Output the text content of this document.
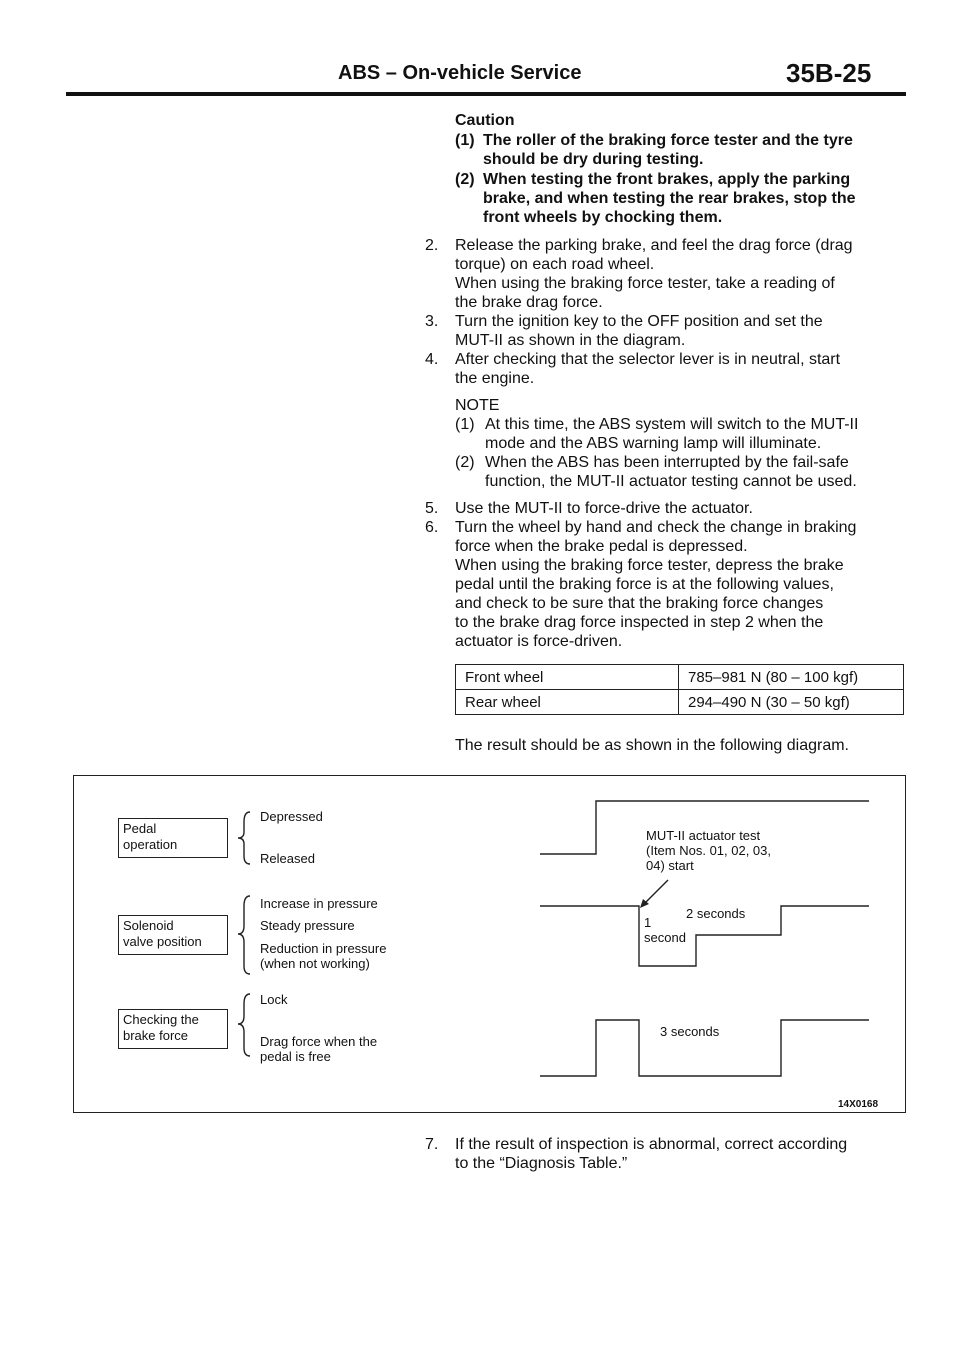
ABS – On-vehicle Service	35B-25
Caution
(1) The roller of the braking force tester and the tyre
should be dry during testing.
(2) When testing the front brakes, apply the parking
brake, and when testing the rear brakes, stop the
front wheels by chocking them.
2. Release the parking brake, and feel the drag force (drag
torque) on each road wheel.
When using the braking force tester, take a reading of
the brake drag force.
3. Turn the ignition key to the OFF position and set the
MUT-II as shown in the diagram.
4. After checking that the selector lever is in neutral, start
the engine.
NOTE
(1) At this time, the ABS system will switch to the MUT-II
mode and the ABS warning lamp will illuminate.
(2) When the ABS has been interrupted by the fail-safe
function, the MUT-II actuator testing cannot be used.
5. Use the MUT-II to force-drive the actuator.
6. Turn the wheel by hand and check the change in braking
force when the brake pedal is depressed.
When using the braking force tester, depress the brake
pedal until the braking force is at the following values,
and check to be sure that the braking force changes
to the brake drag force inspected in step 2 when the
actuator is force-driven.
Front wheel	785–981 N (80 – 100 kgf)
Rear wheel	294–490 N (30 – 50 kgf)
The result should be as shown in the following diagram.
Pedal
operation
Solenoid
valve position
Checking the
brake force
Depressed
Released
Increase in pressure
Steady pressure
Reduction in pressure
(when not working)
Lock
Drag force when the
pedal is free
MUT-II actuator test
(Item Nos. 01, 02, 03,
04) start
2 seconds
1
second
3 seconds
14X0168
7. If the result of inspection is abnormal, correct according
to the “Diagnosis Table.”
